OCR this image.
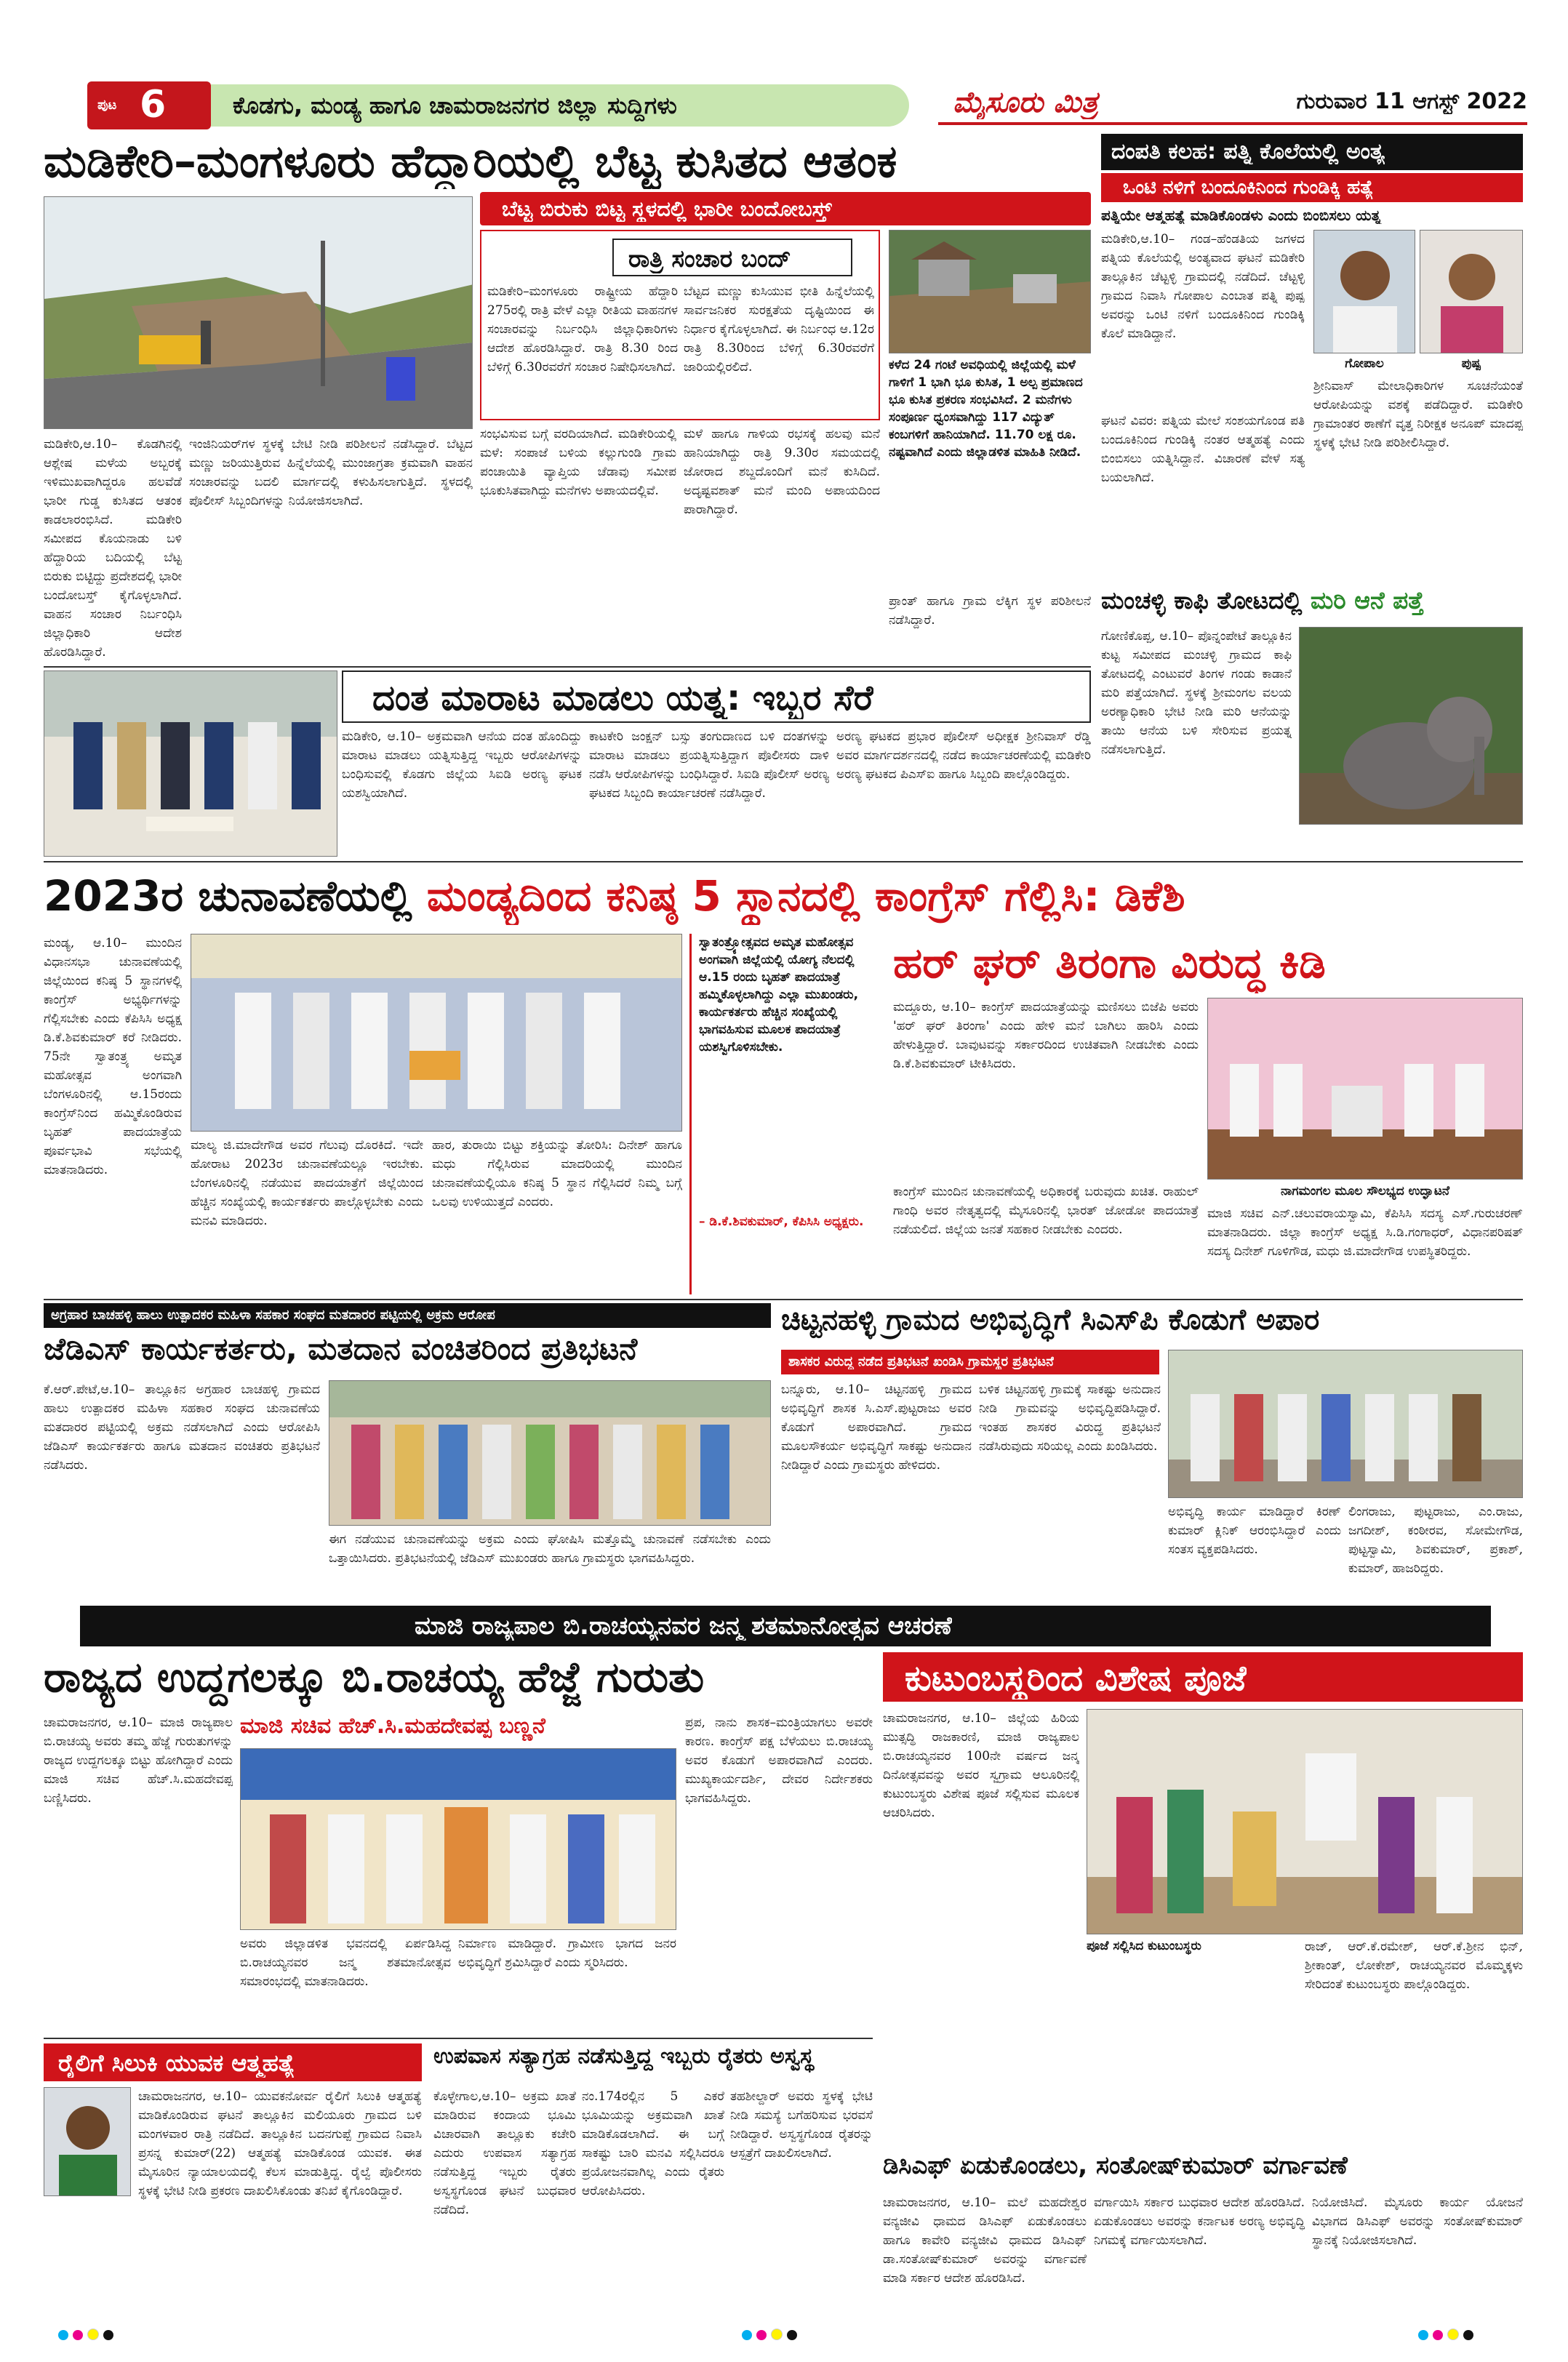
ಪುಟ 6	ಕೊಡಗು, ಮಂಡ್ಯ ಹಾಗೂ ಚಾಮರಾಜನಗರ ಜಿಲ್ಲಾ ಸುದ್ದಿಗಳು	ಮೈಸೂರು ಮಿತ್ರ	ಗುರುವಾರ 11 ಆಗಸ್ಟ್ 2022
ಮಡಿಕೇರಿ–ಮಂಗಳೂರು ಹೆದ್ದಾರಿಯಲ್ಲಿ ಬೆಟ್ಟ ಕುಸಿತದ ಆತಂಕ
ಬೆಟ್ಟ ಬಿರುಕು ಬಿಟ್ಟ ಸ್ಥಳದಲ್ಲಿ ಭಾರೀ ಬಂದೋಬಸ್ತ್
ಮಡಿಕೇರಿ,ಆ.10– ಕೊಡಗಿನಲ್ಲಿ ಆಶ್ಲೇಷ ಮಳೆಯ ಅಬ್ಬರಕ್ಕೆ ಇಳಿಮುಖವಾಗಿದ್ದರೂ ಹಲವೆಡೆ ಭಾರೀ ಗುಡ್ಡ ಕುಸಿತದ ಆತಂಕ ಕಾಡಲಾರಂಭಿಸಿದೆ. ಮಡಿಕೇರಿ ಸಮೀಪದ ಕೊಯನಾಡು ಬಳಿ ಹೆದ್ದಾರಿಯ ಬದಿಯಲ್ಲಿ ಬೆಟ್ಟ ಬಿರುಕು ಬಿಟ್ಟಿದ್ದು ಪ್ರದೇಶದಲ್ಲಿ ಭಾರೀ ಬಂದೋಬಸ್ತ್ ಕೈಗೊಳ್ಳಲಾಗಿದೆ. ವಾಹನ ಸಂಚಾರ ನಿರ್ಬಂಧಿಸಿ ಜಿಲ್ಲಾಧಿಕಾರಿ ಆದೇಶ ಹೊರಡಿಸಿದ್ದಾರೆ.
ಇಂಜಿನಿಯರ್‌ಗಳ ಸ್ಥಳಕ್ಕೆ ಬೇಟಿ ನೀಡಿ ಪರಿಶೀಲನೆ ನಡೆಸಿದ್ದಾರೆ. ಬೆಟ್ಟದ ಮಣ್ಣು ಜರಿಯುತ್ತಿರುವ ಹಿನ್ನೆಲೆಯಲ್ಲಿ ಮುಂಜಾಗ್ರತಾ ಕ್ರಮವಾಗಿ ವಾಹನ ಸಂಚಾರವನ್ನು ಬದಲಿ ಮಾರ್ಗದಲ್ಲಿ ಕಳುಹಿಸಲಾಗುತ್ತಿದೆ. ಸ್ಥಳದಲ್ಲಿ ಪೊಲೀಸ್ ಸಿಬ್ಬಂದಿಗಳನ್ನು ನಿಯೋಜಿಸಲಾಗಿದೆ.
ರಾತ್ರಿ ಸಂಚಾರ ಬಂದ್
ಮಡಿಕೇರಿ–ಮಂಗಳೂರು ರಾಷ್ಟ್ರೀಯ ಹೆದ್ದಾರಿ 275ರಲ್ಲಿ ರಾತ್ರಿ ವೇಳೆ ಎಲ್ಲಾ ರೀತಿಯ ವಾಹನಗಳ ಸಂಚಾರವನ್ನು ನಿರ್ಬಂಧಿಸಿ ಜಿಲ್ಲಾಧಿಕಾರಿಗಳು ಆದೇಶ ಹೊರಡಿಸಿದ್ದಾರೆ. ರಾತ್ರಿ 8.30 ರಿಂದ ಬೆಳಿಗ್ಗೆ 6.30ರವರೆಗೆ ಸಂಚಾರ ನಿಷೇಧಿಸಲಾಗಿದೆ.
ಬೆಟ್ಟದ ಮಣ್ಣು ಕುಸಿಯುವ ಭೀತಿ ಹಿನ್ನೆಲೆಯಲ್ಲಿ ಸಾರ್ವಜನಿಕರ ಸುರಕ್ಷತೆಯ ದೃಷ್ಟಿಯಿಂದ ಈ ನಿರ್ಧಾರ ಕೈಗೊಳ್ಳಲಾಗಿದೆ. ಈ ನಿರ್ಬಂಧ ಆ.12ರ ರಾತ್ರಿ 8.30ರಿಂದ ಬೆಳಿಗ್ಗೆ 6.30ರವರೆಗೆ ಜಾರಿಯಲ್ಲಿರಲಿದೆ.	ಕಳೆದ 24 ಗಂಟೆ ಅವಧಿಯಲ್ಲಿ ಜಿಲ್ಲೆಯಲ್ಲಿ ಮಳೆ ಗಾಳಿಗೆ 1 ಭಾಗಿ ಭೂ ಕುಸಿತ, 1 ಅಲ್ಪ ಪ್ರಮಾಣದ ಭೂ ಕುಸಿತ ಪ್ರಕರಣ ಸಂಭವಿಸಿದೆ. 2 ಮನೆಗಳು ಸಂಪೂರ್ಣ ಧ್ವಂಸವಾಗಿದ್ದು 117 ವಿದ್ಯುತ್ ಕಂಬಗಳಿಗೆ ಹಾನಿಯಾಗಿದೆ. 11.70 ಲಕ್ಷ ರೂ. ನಷ್ಟವಾಗಿದೆ ಎಂದು ಜಿಲ್ಲಾಡಳಿತ ಮಾಹಿತಿ ನೀಡಿದೆ.
ಸಂಭವಿಸುವ ಬಗ್ಗೆ ವರದಿಯಾಗಿದೆ. ಮಡಿಕೇರಿಯಲ್ಲಿ ಮಳೆ: ಸಂಪಾಜೆ ಬಳಿಯ ಕಲ್ಲುಗುಂಡಿ ಗ್ರಾಮ ಪಂಚಾಯಿತಿ ವ್ಯಾಪ್ತಿಯ ಚೆಡಾವು ಸಮೀಪ ಭೂಕುಸಿತವಾಗಿದ್ದು ಮನೆಗಳು ಅಪಾಯದಲ್ಲಿವೆ.
ಮಳೆ ಹಾಗೂ ಗಾಳಿಯ ರಭಸಕ್ಕೆ ಹಲವು ಮನೆ ಹಾನಿಯಾಗಿದ್ದು ರಾತ್ರಿ 9.30ರ ಸಮಯದಲ್ಲಿ ಜೋರಾದ ಶಬ್ದದೊಂದಿಗೆ ಮನೆ ಕುಸಿದಿದೆ. ಅದೃಷ್ಟವಶಾತ್ ಮನೆ ಮಂದಿ ಅಪಾಯದಿಂದ ಪಾರಾಗಿದ್ದಾರೆ.
ಪ್ರಾಂತ್ ಹಾಗೂ ಗ್ರಾಮ ಲೆಕ್ಕಿಗ ಸ್ಥಳ ಪರಿಶೀಲನೆ ನಡೆಸಿದ್ದಾರೆ.
ದಂಪತಿ ಕಲಹ: ಪತ್ನಿ ಕೊಲೆಯಲ್ಲಿ ಅಂತ್ಯ
ಒಂಟಿ ನಳಿಗೆ ಬಂದೂಕಿನಿಂದ ಗುಂಡಿಕ್ಕಿ ಹತ್ಯೆ
ಪತ್ನಿಯೇ ಆತ್ಮಹತ್ಯೆ ಮಾಡಿಕೊಂಡಳು ಎಂದು ಬಿಂಬಿಸಲು ಯತ್ನ
ಮಡಿಕೇರಿ,ಆ.10– ಗಂಡ–ಹೆಂಡತಿಯ ಜಗಳದ ಪತ್ನಿಯ ಕೊಲೆಯಲ್ಲಿ ಅಂತ್ಯವಾದ ಘಟನೆ ಮಡಿಕೇರಿ ತಾಲ್ಲೂಕಿನ ಚೆಟ್ಟಳ್ಳಿ ಗ್ರಾಮದಲ್ಲಿ ನಡೆದಿದೆ. ಚೆಟ್ಟಳ್ಳಿ ಗ್ರಾಮದ ನಿವಾಸಿ ಗೋಪಾಲ ಎಂಬಾತ ಪತ್ನಿ ಪುಷ್ಪ ಅವರನ್ನು ಒಂಟಿ ನಳಿಗೆ ಬಂದೂಕಿನಿಂದ ಗುಂಡಿಕ್ಕಿ ಕೊಲೆ ಮಾಡಿದ್ದಾನೆ.
ಗೋಪಾಲ	ಪುಷ್ಪ
ಘಟನೆ ವಿವರ: ಪತ್ನಿಯ ಮೇಲೆ ಸಂಶಯಗೊಂಡ ಪತಿ ಬಂದೂಕಿನಿಂದ ಗುಂಡಿಕ್ಕಿ ನಂತರ ಆತ್ಮಹತ್ಯೆ ಎಂದು ಬಿಂಬಿಸಲು ಯತ್ನಿಸಿದ್ದಾನೆ. ವಿಚಾರಣೆ ವೇಳೆ ಸತ್ಯ ಬಯಲಾಗಿದೆ.
ಶ್ರೀನಿವಾಸ್ ಮೇಲಾಧಿಕಾರಿಗಳ ಸೂಚನೆಯಂತೆ ಆರೋಪಿಯನ್ನು ವಶಕ್ಕೆ ಪಡೆದಿದ್ದಾರೆ. ಮಡಿಕೇರಿ ಗ್ರಾಮಾಂತರ ಠಾಣೆಗೆ ವೃತ್ತ ನಿರೀಕ್ಷಕ ಅನೂಪ್ ಮಾದಪ್ಪ ಸ್ಥಳಕ್ಕೆ ಭೇಟಿ ನೀಡಿ ಪರಿಶೀಲಿಸಿದ್ದಾರೆ.
ಮಂಚಳ್ಳಿ ಕಾಫಿ ತೋಟದಲ್ಲಿ ಮರಿ ಆನೆ ಪತ್ತೆ
ಗೋಣಿಕೊಪ್ಪ, ಆ.10– ಪೊನ್ನಂಪೇಟೆ ತಾಲ್ಲೂಕಿನ ಕುಟ್ಟ ಸಮೀಪದ ಮಂಚಳ್ಳಿ ಗ್ರಾಮದ ಕಾಫಿ ತೋಟದಲ್ಲಿ ಎಂಟುವರೆ ತಿಂಗಳ ಗಂಡು ಕಾಡಾನೆ ಮರಿ ಪತ್ತೆಯಾಗಿದೆ. ಸ್ಥಳಕ್ಕೆ ಶ್ರೀಮಂಗಲ ವಲಯ ಅರಣ್ಯಾಧಿಕಾರಿ ಭೇಟಿ ನೀಡಿ ಮರಿ ಆನೆಯನ್ನು ತಾಯಿ ಆನೆಯ ಬಳಿ ಸೇರಿಸುವ ಪ್ರಯತ್ನ ನಡೆಸಲಾಗುತ್ತಿದೆ.
ದಂತ ಮಾರಾಟ ಮಾಡಲು ಯತ್ನ: ಇಬ್ಬರ ಸೆರೆ
ಮಡಿಕೇರಿ, ಆ.10– ಅಕ್ರಮವಾಗಿ ಆನೆಯ ದಂತ ಹೊಂದಿದ್ದು ಮಾರಾಟ ಮಾಡಲು ಯತ್ನಿಸುತ್ತಿದ್ದ ಇಬ್ಬರು ಆರೋಪಿಗಳನ್ನು ಬಂಧಿಸುವಲ್ಲಿ ಕೊಡಗು ಜಿಲ್ಲೆಯ ಸಿಐಡಿ ಅರಣ್ಯ ಘಟಕ ಯಶಸ್ವಿಯಾಗಿದೆ.
ಕಾಟಕೇರಿ ಜಂಕ್ಷನ್ ಬಸ್ಸು ತಂಗುದಾಣದ ಬಳಿ ದಂತಗಳನ್ನು ಮಾರಾಟ ಮಾಡಲು ಪ್ರಯತ್ನಿಸುತ್ತಿದ್ದಾಗ ಪೊಲೀಸರು ದಾಳಿ ನಡೆಸಿ ಆರೋಪಿಗಳನ್ನು ಬಂಧಿಸಿದ್ದಾರೆ. ಸಿಐಡಿ ಪೊಲೀಸ್ ಅರಣ್ಯ ಘಟಕದ ಸಿಬ್ಬಂದಿ ಕಾರ್ಯಾಚರಣೆ ನಡೆಸಿದ್ದಾರೆ.
ಅರಣ್ಯ ಘಟಕದ ಪ್ರಭಾರ ಪೊಲೀಸ್ ಅಧೀಕ್ಷಕ ಶ್ರೀನಿವಾಸ್ ರೆಡ್ಡಿ ಅವರ ಮಾರ್ಗದರ್ಶನದಲ್ಲಿ ನಡೆದ ಕಾರ್ಯಾಚರಣೆಯಲ್ಲಿ ಮಡಿಕೇರಿ ಅರಣ್ಯ ಘಟಕದ ಪಿಎಸ್ಐ ಹಾಗೂ ಸಿಬ್ಬಂದಿ ಪಾಲ್ಗೊಂಡಿದ್ದರು.
2023ರ ಚುನಾವಣೆಯಲ್ಲಿ ಮಂಡ್ಯದಿಂದ ಕನಿಷ್ಠ 5 ಸ್ಥಾನದಲ್ಲಿ ಕಾಂಗ್ರೆಸ್ ಗೆಲ್ಲಿಸಿ: ಡಿಕೆಶಿ
ಮಂಡ್ಯ, ಆ.10– ಮುಂದಿನ ವಿಧಾನಸಭಾ ಚುನಾವಣೆಯಲ್ಲಿ ಜಿಲ್ಲೆಯಿಂದ ಕನಿಷ್ಠ 5 ಸ್ಥಾನಗಳಲ್ಲಿ ಕಾಂಗ್ರೆಸ್ ಅಭ್ಯರ್ಥಿಗಳನ್ನು ಗೆಲ್ಲಿಸಬೇಕು ಎಂದು ಕೆಪಿಸಿಸಿ ಅಧ್ಯಕ್ಷ ಡಿ.ಕೆ.ಶಿವಕುಮಾರ್ ಕರೆ ನೀಡಿದರು. 75ನೇ ಸ್ವಾತಂತ್ರ್ಯ ಅಮೃತ ಮಹೋತ್ಸವ ಅಂಗವಾಗಿ ಬೆಂಗಳೂರಿನಲ್ಲಿ ಆ.15ರಂದು ಕಾಂಗ್ರೆಸ್‌ನಿಂದ ಹಮ್ಮಿಕೊಂಡಿರುವ ಬೃಹತ್ ಪಾದಯಾತ್ರೆಯ ಪೂರ್ವಭಾವಿ ಸಭೆಯಲ್ಲಿ ಮಾತನಾಡಿದರು.
ಮಾಲ್ಯ ಜಿ.ಮಾದೇಗೌಡ ಅವರ ಗೆಲುವು ದೊರಕಿದೆ. ಇದೇ ಹೋರಾಟ 2023ರ ಚುನಾವಣೆಯಲ್ಲೂ ಇರಬೇಕು. ಬೆಂಗಳೂರಿನಲ್ಲಿ ನಡೆಯುವ ಪಾದಯಾತ್ರೆಗೆ ಜಿಲ್ಲೆಯಿಂದ ಹೆಚ್ಚಿನ ಸಂಖ್ಯೆಯಲ್ಲಿ ಕಾರ್ಯಕರ್ತರು ಪಾಲ್ಗೊಳ್ಳಬೇಕು ಎಂದು ಮನವಿ ಮಾಡಿದರು.
ಹಾರ, ತುರಾಯಿ ಬಿಟ್ಟು ಶಕ್ತಿಯನ್ನು ತೋರಿಸಿ: ದಿನೇಶ್ ಹಾಗೂ ಮಧು ಗೆಲ್ಲಿಸಿರುವ ಮಾದರಿಯಲ್ಲಿ ಮುಂದಿನ ಚುನಾವಣೆಯಲ್ಲಿಯೂ ಕನಿಷ್ಠ 5 ಸ್ಥಾನ ಗೆಲ್ಲಿಸಿದರೆ ನಿಮ್ಮ ಬಗ್ಗೆ ಒಲವು ಉಳಿಯುತ್ತದೆ ಎಂದರು.
ಸ್ವಾತಂತ್ರ್ಯೋತ್ಸವದ ಅಮೃತ ಮಹೋತ್ಸವ ಅಂಗವಾಗಿ ಜಿಲ್ಲೆಯಲ್ಲಿ ಯೋಗ್ಯ ನೆಲದಲ್ಲಿ ಆ.15 ರಂದು ಬೃಹತ್ ಪಾದಯಾತ್ರೆ ಹಮ್ಮಿಕೊಳ್ಳಲಾಗಿದ್ದು ಎಲ್ಲಾ ಮುಖಂಡರು, ಕಾರ್ಯಕರ್ತರು ಹೆಚ್ಚಿನ ಸಂಖ್ಯೆಯಲ್ಲಿ ಭಾಗವಹಿಸುವ ಮೂಲಕ ಪಾದಯಾತ್ರೆ ಯಶಸ್ವಿಗೊಳಿಸಬೇಕು.
– ಡಿ.ಕೆ.ಶಿವಕುಮಾರ್, ಕೆಪಿಸಿಸಿ ಅಧ್ಯಕ್ಷರು.
ಹರ್ ಘರ್ ತಿರಂಗಾ ವಿರುದ್ಧ ಕಿಡಿ
ಮದ್ದೂರು, ಆ.10– ಕಾಂಗ್ರೆಸ್ ಪಾದಯಾತ್ರೆಯನ್ನು ಮಣಿಸಲು ಬಿಜೆಪಿ ಅವರು 'ಹರ್ ಘರ್ ತಿರಂಗಾ' ಎಂದು ಹೇಳಿ ಮನೆ ಬಾಗಿಲು ಹಾರಿಸಿ ಎಂದು ಹೇಳುತ್ತಿದ್ದಾರೆ. ಬಾವುಟವನ್ನು ಸರ್ಕಾರದಿಂದ ಉಚಿತವಾಗಿ ನೀಡಬೇಕು ಎಂದು ಡಿ.ಕೆ.ಶಿವಕುಮಾರ್ ಟೀಕಿಸಿದರು.
ನಾಗಮಂಗಲ ಮೂಲ ಸೌಲಭ್ಯದ ಉದ್ಘಾಟನೆ
ಕಾಂಗ್ರೆಸ್ ಮುಂದಿನ ಚುನಾವಣೆಯಲ್ಲಿ ಅಧಿಕಾರಕ್ಕೆ ಬರುವುದು ಖಚಿತ. ರಾಹುಲ್ ಗಾಂಧಿ ಅವರ ನೇತೃತ್ವದಲ್ಲಿ ಮೈಸೂರಿನಲ್ಲಿ ಭಾರತ್ ಜೋಡೋ ಪಾದಯಾತ್ರೆ ನಡೆಯಲಿದೆ. ಜಿಲ್ಲೆಯ ಜನತೆ ಸಹಕಾರ ನೀಡಬೇಕು ಎಂದರು.
ಮಾಜಿ ಸಚಿವ ಎನ್.ಚಲುವರಾಯಸ್ವಾಮಿ, ಕೆಪಿಸಿಸಿ ಸದಸ್ಯ ಎಸ್.ಗುರುಚರಣ್ ಮಾತನಾಡಿದರು. ಜಿಲ್ಲಾ ಕಾಂಗ್ರೆಸ್ ಅಧ್ಯಕ್ಷ ಸಿ.ಡಿ.ಗಂಗಾಧರ್, ವಿಧಾನಪರಿಷತ್ ಸದಸ್ಯ ದಿನೇಶ್ ಗೂಳಿಗೌಡ, ಮಧು ಜಿ.ಮಾದೇಗೌಡ ಉಪಸ್ಥಿತರಿದ್ದರು.
ಅಗ್ರಹಾರ ಬಾಚಹಳ್ಳಿ ಹಾಲು ಉತ್ಪಾದಕರ ಮಹಿಳಾ ಸಹಕಾರ ಸಂಘದ ಮತದಾರರ ಪಟ್ಟಿಯಲ್ಲಿ ಅಕ್ರಮ ಆರೋಪ
ಜೆಡಿಎಸ್ ಕಾರ್ಯಕರ್ತರು, ಮತದಾನ ವಂಚಿತರಿಂದ ಪ್ರತಿಭಟನೆ
ಕೆ.ಆರ್.ಪೇಟೆ,ಆ.10– ತಾಲ್ಲೂಕಿನ ಅಗ್ರಹಾರ ಬಾಚಹಳ್ಳಿ ಗ್ರಾಮದ ಹಾಲು ಉತ್ಪಾದಕರ ಮಹಿಳಾ ಸಹಕಾರ ಸಂಘದ ಚುನಾವಣೆಯ ಮತದಾರರ ಪಟ್ಟಿಯಲ್ಲಿ ಅಕ್ರಮ ನಡೆಸಲಾಗಿದೆ ಎಂದು ಆರೋಪಿಸಿ ಜೆಡಿಎಸ್ ಕಾರ್ಯಕರ್ತರು ಹಾಗೂ ಮತದಾನ ವಂಚಿತರು ಪ್ರತಿಭಟನೆ ನಡೆಸಿದರು.
ಈಗ ನಡೆಯುವ ಚುನಾವಣೆಯನ್ನು ಅಕ್ರಮ ಎಂದು ಘೋಷಿಸಿ ಮತ್ತೊಮ್ಮೆ ಚುನಾವಣೆ ನಡೆಸಬೇಕು ಎಂದು ಒತ್ತಾಯಿಸಿದರು. ಪ್ರತಿಭಟನೆಯಲ್ಲಿ ಜೆಡಿಎಸ್ ಮುಖಂಡರು ಹಾಗೂ ಗ್ರಾಮಸ್ಥರು ಭಾಗವಹಿಸಿದ್ದರು.
ಚಿಟ್ಟನಹಳ್ಳಿ ಗ್ರಾಮದ ಅಭಿವೃದ್ಧಿಗೆ ಸಿಎಸ್‌ಪಿ ಕೊಡುಗೆ ಅಪಾರ
ಶಾಸಕರ ವಿರುದ್ಧ ನಡೆದ ಪ್ರತಿಭಟನೆ ಖಂಡಿಸಿ ಗ್ರಾಮಸ್ಥರ ಪ್ರತಿಭಟನೆ
ಬನ್ನೂರು, ಆ.10– ಚಿಟ್ಟನಹಳ್ಳಿ ಗ್ರಾಮದ ಅಭಿವೃದ್ಧಿಗೆ ಶಾಸಕ ಸಿ.ಎಸ್.ಪುಟ್ಟರಾಜು ಅವರ ಕೊಡುಗೆ ಅಪಾರವಾಗಿದೆ. ಗ್ರಾಮದ ಮೂಲಸೌಕರ್ಯ ಅಭಿವೃದ್ಧಿಗೆ ಸಾಕಷ್ಟು ಅನುದಾನ ನೀಡಿದ್ದಾರೆ ಎಂದು ಗ್ರಾಮಸ್ಥರು ಹೇಳಿದರು.
ಬಳಿಕ ಚಿಟ್ಟನಹಳ್ಳಿ ಗ್ರಾಮಕ್ಕೆ ಸಾಕಷ್ಟು ಅನುದಾನ ನೀಡಿ ಗ್ರಾಮವನ್ನು ಅಭಿವೃದ್ಧಿಪಡಿಸಿದ್ದಾರೆ. ಇಂತಹ ಶಾಸಕರ ವಿರುದ್ಧ ಪ್ರತಿಭಟನೆ ನಡೆಸಿರುವುದು ಸರಿಯಲ್ಲ ಎಂದು ಖಂಡಿಸಿದರು.
ಅಭಿವೃದ್ಧಿ ಕಾರ್ಯ ಮಾಡಿದ್ದಾರೆ ಕಿರಣ್ ಕುಮಾರ್ ಕ್ಲಿನಿಕ್ ಆರಂಭಿಸಿದ್ದಾರೆ ಎಂದು ಸಂತಸ ವ್ಯಕ್ತಪಡಿಸಿದರು.
ಲಿಂಗರಾಜು, ಪುಟ್ಟರಾಜು, ಎಂ.ರಾಜು, ಜಗದೀಶ್, ಕಂಠೀರವ, ಸೋಮೇಗೌಡ, ಪುಟ್ಟಸ್ವಾಮಿ, ಶಿವಕುಮಾರ್, ಪ್ರಕಾಶ್, ಕುಮಾರ್, ಹಾಜರಿದ್ದರು.
ಮಾಜಿ ರಾಜ್ಯಪಾಲ ಬಿ.ರಾಚಯ್ಯನವರ ಜನ್ಮ ಶತಮಾನೋತ್ಸವ ಆಚರಣೆ
ರಾಜ್ಯದ ಉದ್ದಗಲಕ್ಕೂ ಬಿ.ರಾಚಯ್ಯ ಹೆಜ್ಜೆ ಗುರುತು
ಮಾಜಿ ಸಚಿವ ಹೆಚ್.ಸಿ.ಮಹದೇವಪ್ಪ ಬಣ್ಣನೆ
ಚಾಮರಾಜನಗರ, ಆ.10– ಮಾಜಿ ರಾಜ್ಯಪಾಲ ಬಿ.ರಾಚಯ್ಯ ಅವರು ತಮ್ಮ ಹೆಜ್ಜೆ ಗುರುತುಗಳನ್ನು ರಾಜ್ಯದ ಉದ್ದಗಲಕ್ಕೂ ಬಿಟ್ಟು ಹೋಗಿದ್ದಾರೆ ಎಂದು ಮಾಜಿ ಸಚಿವ ಹೆಚ್.ಸಿ.ಮಹದೇವಪ್ಪ ಬಣ್ಣಿಸಿದರು.
ಪ್ರಪ, ನಾನು ಶಾಸಕ–ಮಂತ್ರಿಯಾಗಲು ಅವರೇ ಕಾರಣ. ಕಾಂಗ್ರೆಸ್ ಪಕ್ಷ ಬೆಳೆಯಲು ಬಿ.ರಾಚಯ್ಯ ಅವರ ಕೊಡುಗೆ ಅಪಾರವಾಗಿದೆ ಎಂದರು. ಮುಖ್ಯಕಾರ್ಯದರ್ಶಿ, ದೇವರ ನಿರ್ದೇಶಕರು ಭಾಗವಹಿಸಿದ್ದರು.
ಅವರು ಜಿಲ್ಲಾಡಳಿತ ಭವನದಲ್ಲಿ ಏರ್ಪಡಿಸಿದ್ದ ಬಿ.ರಾಚಯ್ಯನವರ ಜನ್ಮ ಶತಮಾನೋತ್ಸವ ಸಮಾರಂಭದಲ್ಲಿ ಮಾತನಾಡಿದರು.
ನಿರ್ಮಾಣ ಮಾಡಿದ್ದಾರೆ. ಗ್ರಾಮೀಣ ಭಾಗದ ಜನರ ಅಭಿವೃದ್ಧಿಗೆ ಶ್ರಮಿಸಿದ್ದಾರೆ ಎಂದು ಸ್ಮರಿಸಿದರು.
ಕುಟುಂಬಸ್ಥರಿಂದ ವಿಶೇಷ ಪೂಜೆ
ಚಾಮರಾಜನಗರ, ಆ.10– ಜಿಲ್ಲೆಯ ಹಿರಿಯ ಮುತ್ಸದ್ಧಿ ರಾಜಕಾರಣಿ, ಮಾಜಿ ರಾಜ್ಯಪಾಲ ಬಿ.ರಾಚಯ್ಯನವರ 100ನೇ ವರ್ಷದ ಜನ್ಮ ದಿನೋತ್ಸವವನ್ನು ಅವರ ಸ್ವಗ್ರಾಮ ಆಲೂರಿನಲ್ಲಿ ಕುಟುಂಬಸ್ಥರು ವಿಶೇಷ ಪೂಜೆ ಸಲ್ಲಿಸುವ ಮೂಲಕ ಆಚರಿಸಿದರು.
ಪೂಜೆ ಸಲ್ಲಿಸಿದ ಕುಟುಂಬಸ್ಥರು	ರಾಜ್, ಆರ್.ಕೆ.ರಮೇಶ್, ಆರ್.ಕೆ.ಶ್ರೀನ ಭಿನ್, ಶ್ರೀಕಾಂತ್, ಲೋಕೇಶ್, ರಾಚಯ್ಯನವರ ಮೊಮ್ಮಕ್ಕಳು ಸೇರಿದಂತೆ ಕುಟುಂಬಸ್ಥರು ಪಾಲ್ಗೊಂಡಿದ್ದರು.
ರೈಲಿಗೆ ಸಿಲುಕಿ ಯುವಕ ಆತ್ಮಹತ್ಯೆ
ಚಾಮರಾಜನಗರ, ಆ.10– ಯುವಕನೋರ್ವ ರೈಲಿಗೆ ಸಿಲುಕಿ ಆತ್ಮಹತ್ಯೆ ಮಾಡಿಕೊಂಡಿರುವ ಘಟನೆ ತಾಲ್ಲೂಕಿನ ಮಲಿಯೂರು ಗ್ರಾಮದ ಬಳಿ ಮಂಗಳವಾರ ರಾತ್ರಿ ನಡೆದಿದೆ. ತಾಲ್ಲೂಕಿನ ಬದನಗುಪ್ಪೆ ಗ್ರಾಮದ ನಿವಾಸಿ ಪ್ರಸನ್ನ ಕುಮಾರ್(22) ಆತ್ಮಹತ್ಯೆ ಮಾಡಿಕೊಂಡ ಯುವಕ. ಈತ ಮೈಸೂರಿನ ನ್ಯಾಯಾಲಯದಲ್ಲಿ ಕೆಲಸ ಮಾಡುತ್ತಿದ್ದ. ರೈಲ್ವೆ ಪೊಲೀಸರು ಸ್ಥಳಕ್ಕೆ ಭೇಟಿ ನೀಡಿ ಪ್ರಕರಣ ದಾಖಲಿಸಿಕೊಂಡು ತನಿಖೆ ಕೈಗೊಂಡಿದ್ದಾರೆ.
ಉಪವಾಸ ಸತ್ಯಾಗ್ರಹ ನಡೆಸುತ್ತಿದ್ದ ಇಬ್ಬರು ರೈತರು ಅಸ್ವಸ್ಥ
ಕೊಳ್ಳೇಗಾಲ,ಆ.10– ಅಕ್ರಮ ಖಾತೆ ಮಾಡಿರುವ ಕಂದಾಯ ಭೂಮಿ ವಿಚಾರವಾಗಿ ತಾಲ್ಲೂಕು ಕಚೇರಿ ಎದುರು ಉಪವಾಸ ಸತ್ಯಾಗ್ರಹ ನಡೆಸುತ್ತಿದ್ದ ಇಬ್ಬರು ರೈತರು ಅಸ್ವಸ್ಥಗೊಂಡ ಘಟನೆ ಬುಧವಾರ ನಡೆದಿದೆ.
ನಂ.174ರಲ್ಲಿನ 5 ಎಕರೆ ಭೂಮಿಯನ್ನು ಅಕ್ರಮವಾಗಿ ಖಾತೆ ಮಾಡಿಕೊಡಲಾಗಿದೆ. ಈ ಬಗ್ಗೆ ಸಾಕಷ್ಟು ಬಾರಿ ಮನವಿ ಸಲ್ಲಿಸಿದರೂ ಪ್ರಯೋಜನವಾಗಿಲ್ಲ ಎಂದು ರೈತರು ಆರೋಪಿಸಿದರು.
ತಹಶೀಲ್ದಾರ್ ಅವರು ಸ್ಥಳಕ್ಕೆ ಭೇಟಿ ನೀಡಿ ಸಮಸ್ಯೆ ಬಗೆಹರಿಸುವ ಭರವಸೆ ನೀಡಿದ್ದಾರೆ. ಅಸ್ವಸ್ಥಗೊಂಡ ರೈತರನ್ನು ಆಸ್ಪತ್ರೆಗೆ ದಾಖಲಿಸಲಾಗಿದೆ.	ಡಿಸಿಎಫ್ ಏಡುಕೊಂಡಲು, ಸಂತೋಷ್‌ಕುಮಾರ್ ವರ್ಗಾವಣೆ
ಚಾಮರಾಜನಗರ, ಆ.10– ಮಲೆ ಮಹದೇಶ್ವರ ವನ್ಯಜೀವಿ ಧಾಮದ ಡಿಸಿಎಫ್ ಏಡುಕೊಂಡಲು ಹಾಗೂ ಕಾವೇರಿ ವನ್ಯಜೀವಿ ಧಾಮದ ಡಿಸಿಎಫ್ ಡಾ.ಸಂತೋಷ್‌ಕುಮಾರ್ ಅವರನ್ನು ವರ್ಗಾವಣೆ ಮಾಡಿ ಸರ್ಕಾರ ಆದೇಶ ಹೊರಡಿಸಿದೆ.
ವರ್ಗಾಯಿಸಿ ಸರ್ಕಾರ ಬುಧವಾರ ಆದೇಶ ಹೊರಡಿಸಿದೆ. ಏಡುಕೊಂಡಲು ಅವರನ್ನು ಕರ್ನಾಟಕ ಅರಣ್ಯ ಅಭಿವೃದ್ಧಿ ನಿಗಮಕ್ಕೆ ವರ್ಗಾಯಿಸಲಾಗಿದೆ.
ನಿಯೋಜಿಸಿದೆ. ಮೈಸೂರು ಕಾರ್ಯ ಯೋಜನೆ ವಿಭಾಗದ ಡಿಸಿಎಫ್ ಅವರನ್ನು ಸಂತೋಷ್‌ಕುಮಾರ್ ಸ್ಥಾನಕ್ಕೆ ನಿಯೋಜಿಸಲಾಗಿದೆ.
